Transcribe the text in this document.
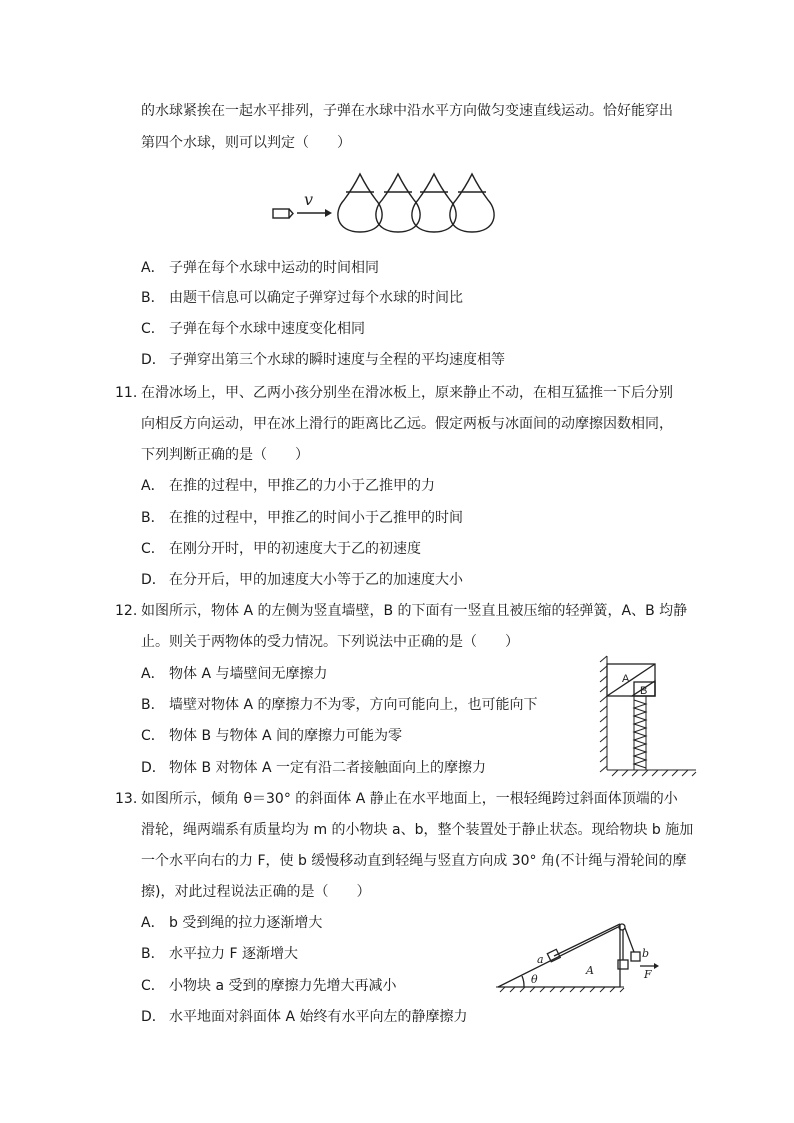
的水球紧挨在一起水平排列，子弹在水球中沿水平方向做匀变速直线运动。恰好能穿出
第四个水球，则可以判定（　　）
v
A． 子弹在每个水球中运动的时间相同
B． 由题干信息可以确定子弹穿过每个水球的时间比
C． 子弹在每个水球中速度变化相同
D． 子弹穿出第三个水球的瞬时速度与全程的平均速度相等
11. 在滑冰场上，甲、乙两小孩分别坐在滑冰板上，原来静止不动，在相互猛推一下后分别
向相反方向运动，甲在冰上滑行的距离比乙远。假定两板与冰面间的动摩擦因数相同，
下列判断正确的是（　　）
A． 在推的过程中，甲推乙的力小于乙推甲的力
B． 在推的过程中，甲推乙的时间小于乙推甲的时间
C． 在刚分开时，甲的初速度大于乙的初速度
D． 在分开后，甲的加速度大小等于乙的加速度大小
12. 如图所示，物体 A 的左侧为竖直墙壁，B 的下面有一竖直且被压缩的轻弹簧，A、B 均静
止。则关于两物体的受力情况。下列说法中正确的是（　　）
A
B
A． 物体 A 与墙壁间无摩擦力
B． 墙壁对物体 A 的摩擦力不为零，方向可能向上，也可能向下
C． 物体 B 与物体 A 间的摩擦力可能为零
D． 物体 B 对物体 A 一定有沿二者接触面向上的摩擦力
13. 如图所示，倾角 θ＝30° 的斜面体 A 静止在水平地面上，一根轻绳跨过斜面体顶端的小
滑轮，绳两端系有质量均为 m 的小物块 a、b，整个装置处于静止状态。现给物块 b 施加
一个水平向右的力 F，使 b 缓慢移动直到轻绳与竖直方向成 30° 角(不计绳与滑轮间的摩
擦)，对此过程说法正确的是（　　）
a
A
θ
b
F
A． b 受到绳的拉力逐渐增大
B． 水平拉力 F 逐渐增大
C． 小物块 a 受到的摩擦力先增大再减小
D． 水平地面对斜面体 A 始终有水平向左的静摩擦力
